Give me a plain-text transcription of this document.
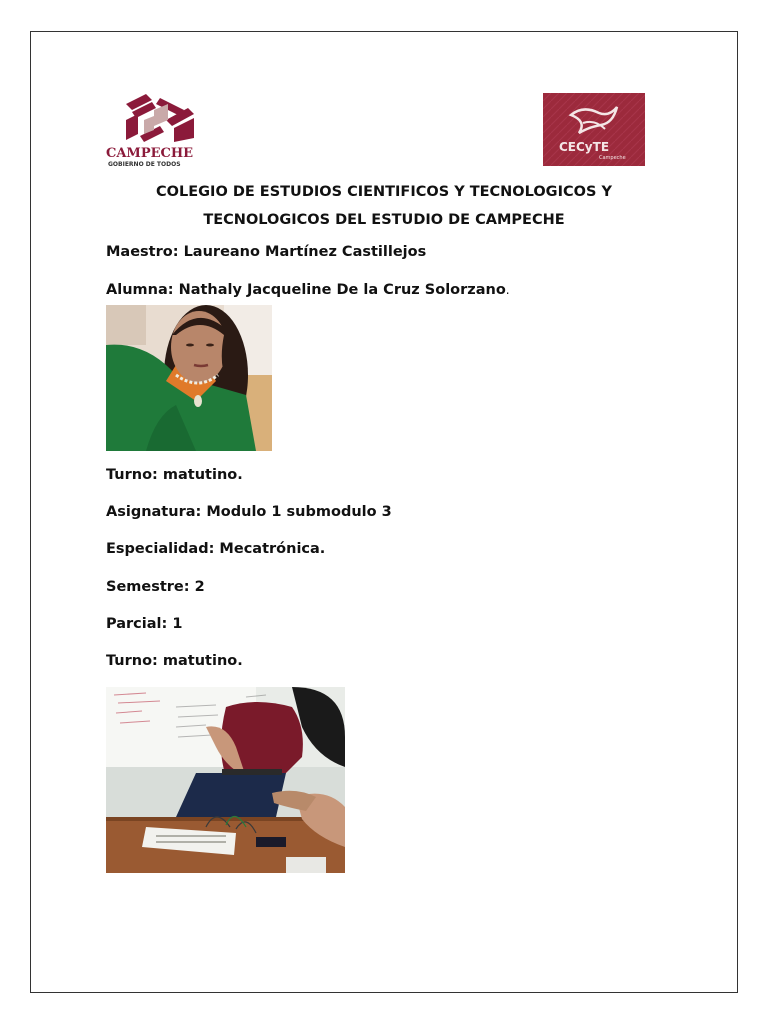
CAMPECHE
GOBIERNO DE TODOS
CECyTE
Campeche
COLEGIO DE ESTUDIOS CIENTIFICOS Y TECNOLOGICOS Y
TECNOLOGICOS DEL ESTUDIO DE CAMPECHE
Maestro: Laureano Martínez Castillejos
Alumna: Nathaly Jacqueline De la Cruz Solorzano.
Turno: matutino.
Asignatura: Modulo 1 submodulo 3
Especialidad: Mecatrónica.
Semestre: 2
Parcial: 1
Turno: matutino.
